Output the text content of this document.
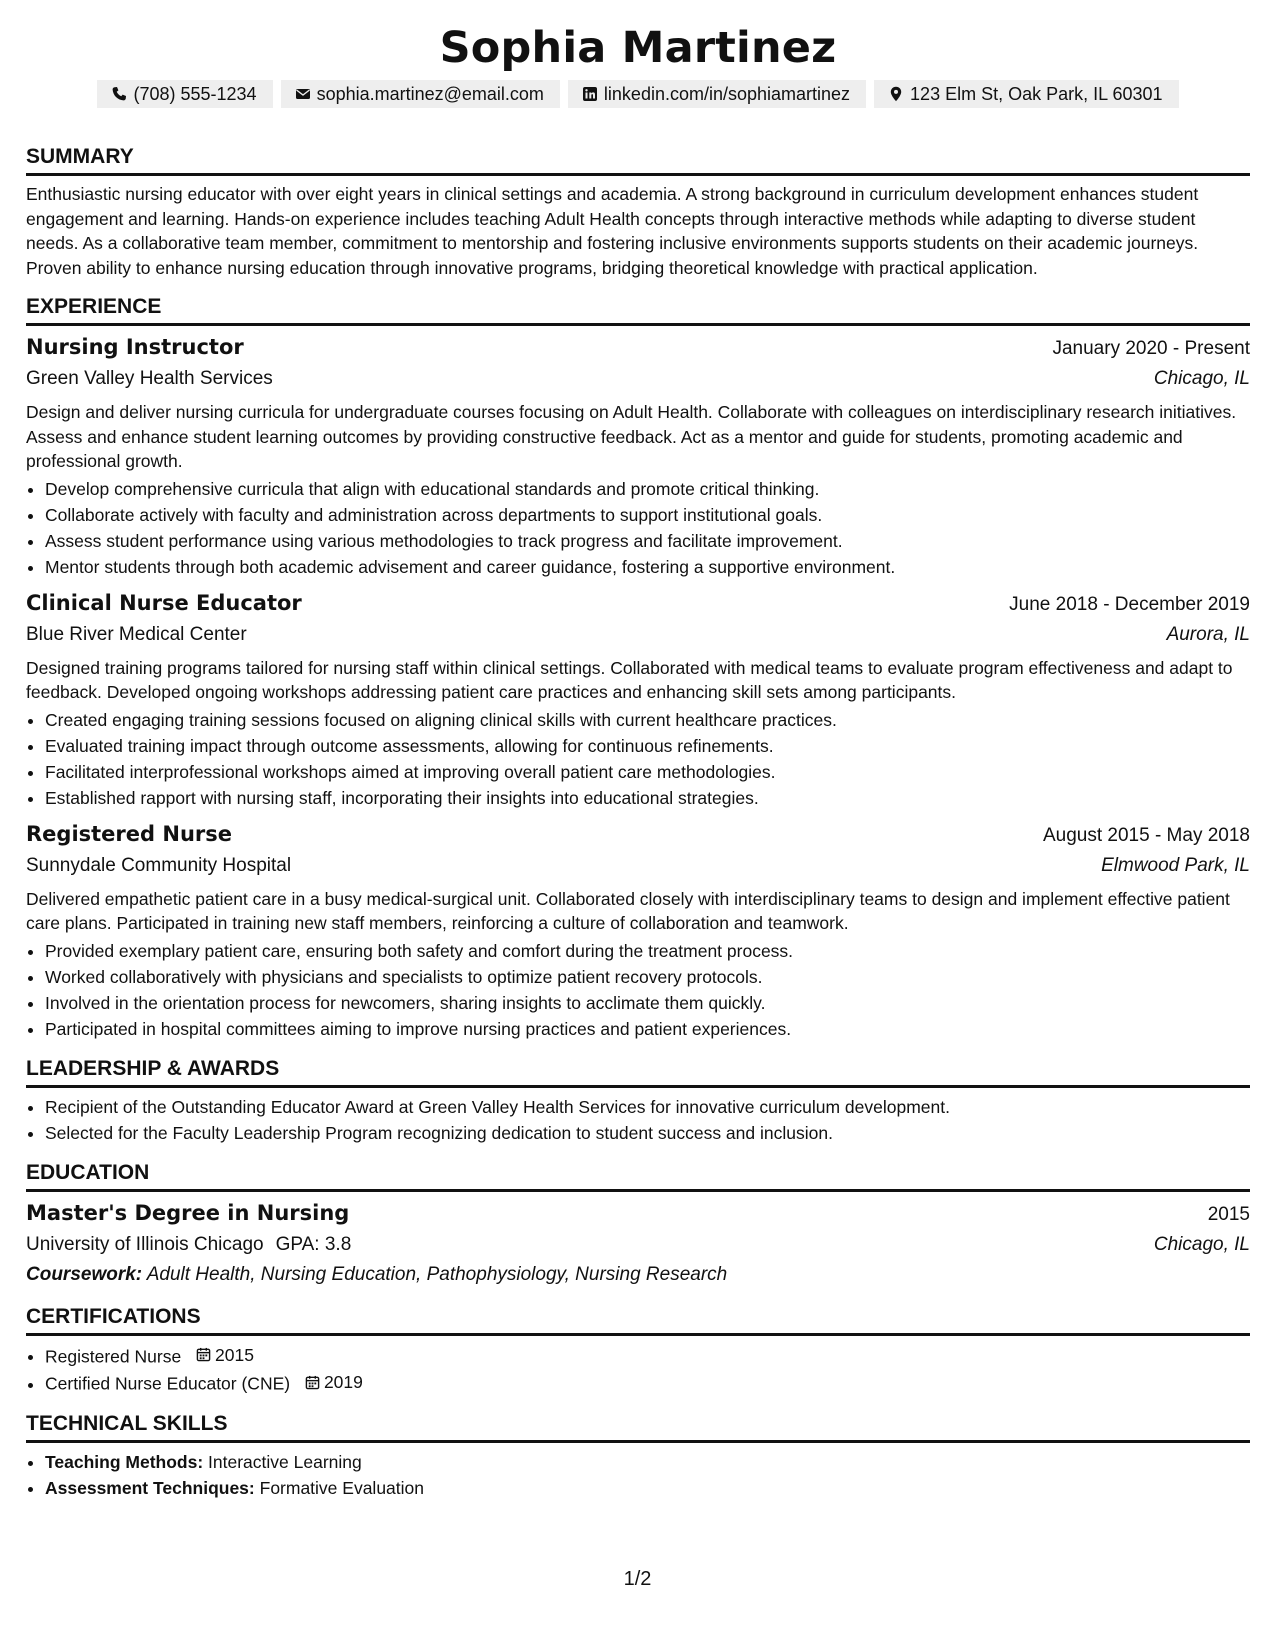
Sophia Martinez
(708) 555-1234	sophia.martinez@email.com	linkedin.com/in/sophiamartinez	123 Elm St, Oak Park, IL 60301
SUMMARY

Enthusiastic nursing educator with over eight years in clinical settings and academia. A strong background in curriculum development enhances student engagement and learning. Hands-on experience includes teaching Adult Health concepts through interactive methods while adapting to diverse student needs. As a collaborative team member, commitment to mentorship and fostering inclusive environments supports students on their academic journeys. Proven ability to enhance nursing education through innovative programs, bridging theoretical knowledge with practical application.

EXPERIENCE
Nursing Instructor	January 2020 - Present
Green Valley Health Services	Chicago, IL

Design and deliver nursing curricula for undergraduate courses focusing on Adult Health. Collaborate with colleagues on interdisciplinary research initiatives. Assess and enhance student learning outcomes by providing constructive feedback. Act as a mentor and guide for students, promoting academic and professional growth.

• Develop comprehensive curricula that align with educational standards and promote critical thinking.
• Collaborate actively with faculty and administration across departments to support institutional goals.
• Assess student performance using various methodologies to track progress and facilitate improvement.
• Mentor students through both academic advisement and career guidance, fostering a supportive environment.
Clinical Nurse Educator	June 2018 - December 2019
Blue River Medical Center	Aurora, IL

Designed training programs tailored for nursing staff within clinical settings. Collaborated with medical teams to evaluate program effectiveness and adapt to feedback. Developed ongoing workshops addressing patient care practices and enhancing skill sets among participants.

• Created engaging training sessions focused on aligning clinical skills with current healthcare practices.
• Evaluated training impact through outcome assessments, allowing for continuous refinements.
• Facilitated interprofessional workshops aimed at improving overall patient care methodologies.
• Established rapport with nursing staff, incorporating their insights into educational strategies.
Registered Nurse	August 2015 - May 2018
Sunnydale Community Hospital	Elmwood Park, IL

Delivered empathetic patient care in a busy medical-surgical unit. Collaborated closely with interdisciplinary teams to design and implement effective patient care plans. Participated in training new staff members, reinforcing a culture of collaboration and teamwork.

• Provided exemplary patient care, ensuring both safety and comfort during the treatment process.
• Worked collaboratively with physicians and specialists to optimize patient recovery protocols.
• Involved in the orientation process for newcomers, sharing insights to acclimate them quickly.
• Participated in hospital committees aiming to improve nursing practices and patient experiences.
LEADERSHIP & AWARDS
• Recipient of the Outstanding Educator Award at Green Valley Health Services for innovative curriculum development.
• Selected for the Faculty Leadership Program recognizing dedication to student success and inclusion.
EDUCATION
Master's Degree in Nursing	2015
University of Illinois Chicago GPA: 3.8	Chicago, IL
Coursework: Adult Health, Nursing Education, Pathophysiology, Nursing Research
CERTIFICATIONS
• Registered Nurse 2015
• Certified Nurse Educator (CNE) 2019
TECHNICAL SKILLS
• Teaching Methods: Interactive Learning
• Assessment Techniques: Formative Evaluation
1/2
